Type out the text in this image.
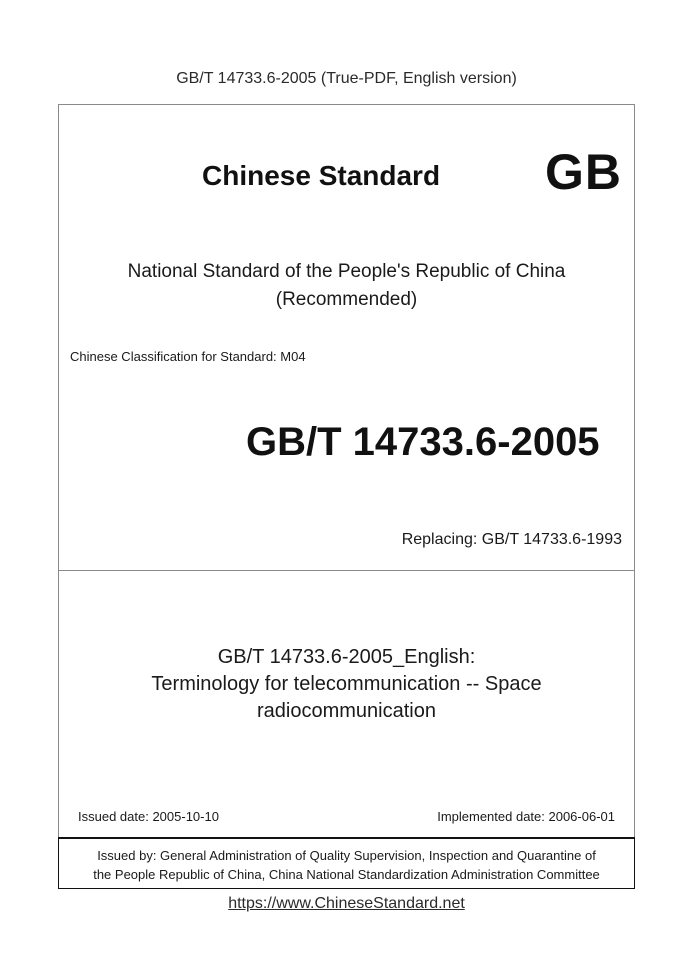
GB/T 14733.6-2005 (True-PDF, English version)
Chinese Standard GB
National Standard of the People's Republic of China
(Recommended)
Chinese Classification for Standard: M04
GB/T 14733.6-2005
Replacing: GB/T 14733.6-1993
GB/T 14733.6-2005_English:
Terminology for telecommunication -- Space
radiocommunication
Issued date: 2005-10-10	Implemented date: 2006-06-01
Issued by: General Administration of Quality Supervision, Inspection and Quarantine of
the People Republic of China, China National Standardization Administration Committee
https://www.ChineseStandard.net
